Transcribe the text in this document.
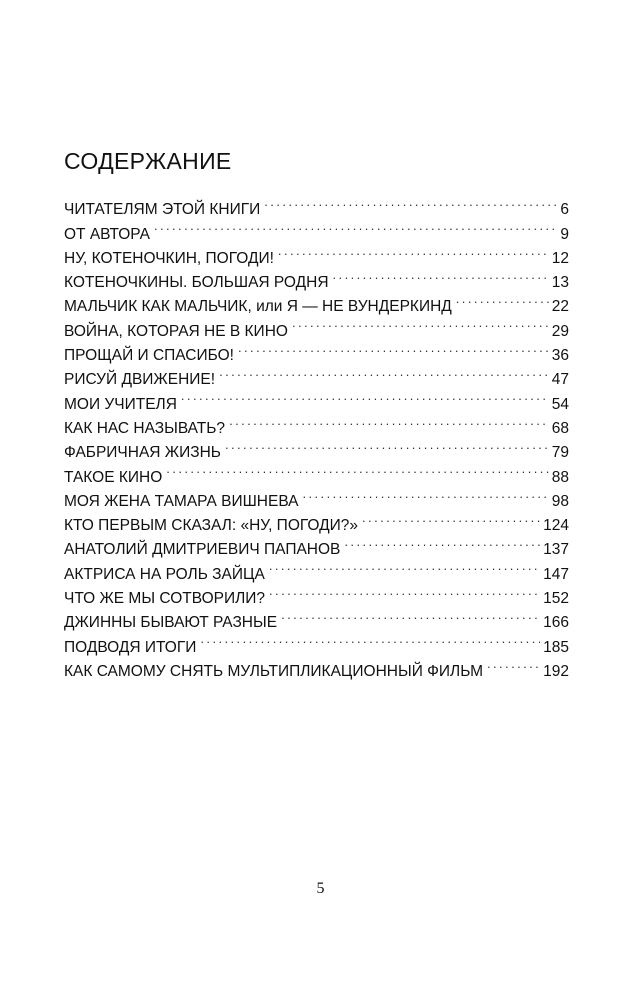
СОДЕРЖАНИЕ
ЧИТАТЕЛЯМ ЭТОЙ КНИГИ . . .	6
ОТ АВТОРА . . .	9
НУ, КОТЕНОЧКИН, ПОГОДИ! . . .	12
КОТЕНОЧКИНЫ. БОЛЬШАЯ РОДНЯ . . .	13
МАЛЬЧИК КАК МАЛЬЧИК, или Я — НЕ ВУНДЕРКИНД . . .	22
ВОЙНА, КОТОРАЯ НЕ В КИНО . . .	29
ПРОЩАЙ И СПАСИБО! . . .	36
РИСУЙ ДВИЖЕНИЕ! . . .	47
МОИ УЧИТЕЛЯ . . .	54
КАК НАС НАЗЫВАТЬ? . . .	68
ФАБРИЧНАЯ ЖИЗНЬ . . .	79
ТАКОЕ КИНО . . .	88
МОЯ ЖЕНА ТАМАРА ВИШНЕВА . . .	98
КТО ПЕРВЫМ СКАЗАЛ: «НУ, ПОГОДИ?» . . .	124
АНАТОЛИЙ ДМИТРИЕВИЧ ПАПАНОВ . . .	137
АКТРИСА НА РОЛЬ ЗАЙЦА . . .	147
ЧТО ЖЕ МЫ СОТВОРИЛИ? . . .	152
ДЖИННЫ БЫВАЮТ РАЗНЫЕ . . .	166
ПОДВОДЯ ИТОГИ . . .	185
КАК САМОМУ СНЯТЬ МУЛЬТИПЛИКАЦИОННЫЙ ФИЛЬМ . . .	192
5
